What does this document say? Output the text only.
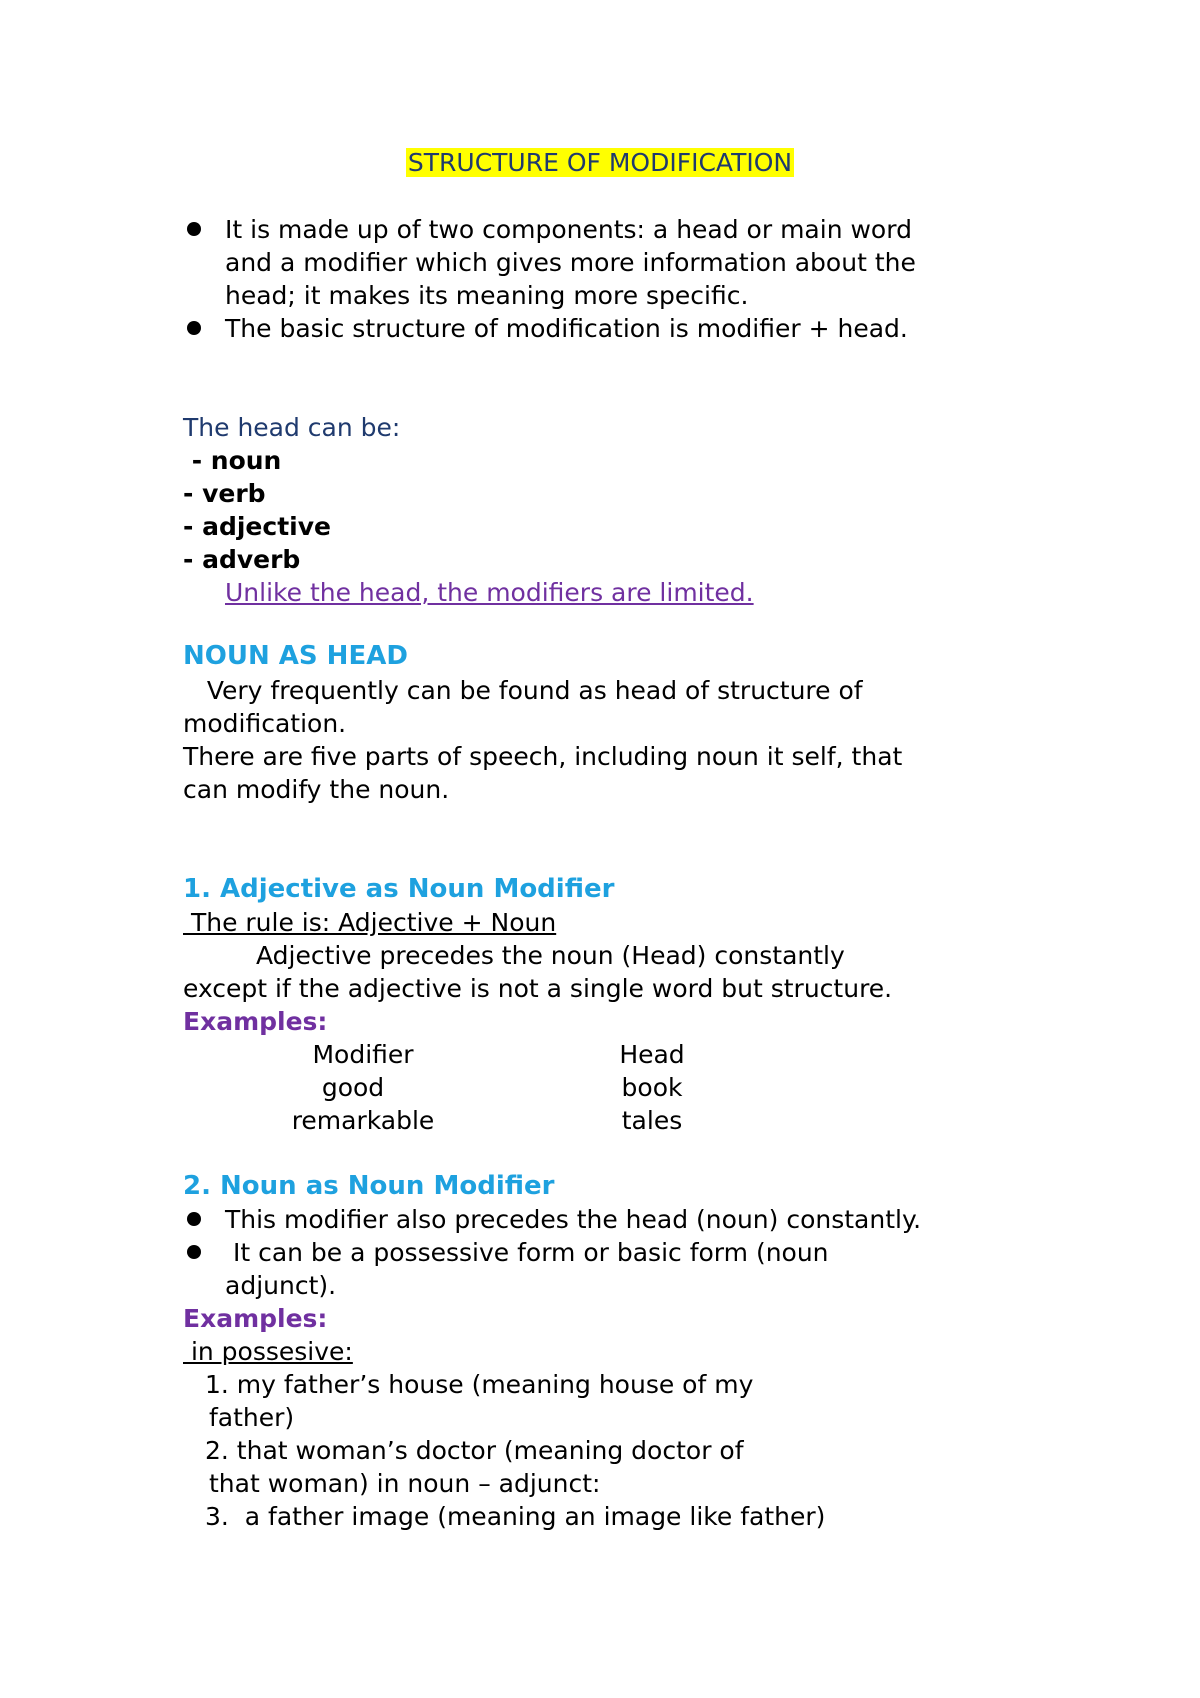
STRUCTURE OF MODIFICATION
It is made up of two components: a head or main word
and a modifier which gives more information about the
head; it makes its meaning more specific.
The basic structure of modification is modifier + head.
The head can be:
- noun
- verb
- adjective
- adverb
Unlike the head, the modifiers are limited.
NOUN AS HEAD
Very frequently can be found as head of structure of
modification.
There are five parts of speech, including noun it self, that
can modify the noun.
1. Adjective as Noun Modifier
The rule is: Adjective + Noun
Adjective precedes the noun (Head) constantly
except if the adjective is not a single word but structure.
Examples:
Modifier	Head
good	book
remarkable	tales
2. Noun as Noun Modifier
This modifier also precedes the head (noun) constantly.
It can be a possessive form or basic form (noun
adjunct).
Examples:
in possesive:
1. my father’s house (meaning house of my
father)
2. that woman’s doctor (meaning doctor of
that woman) in noun – adjunct:
3.  a father image (meaning an image like father)
